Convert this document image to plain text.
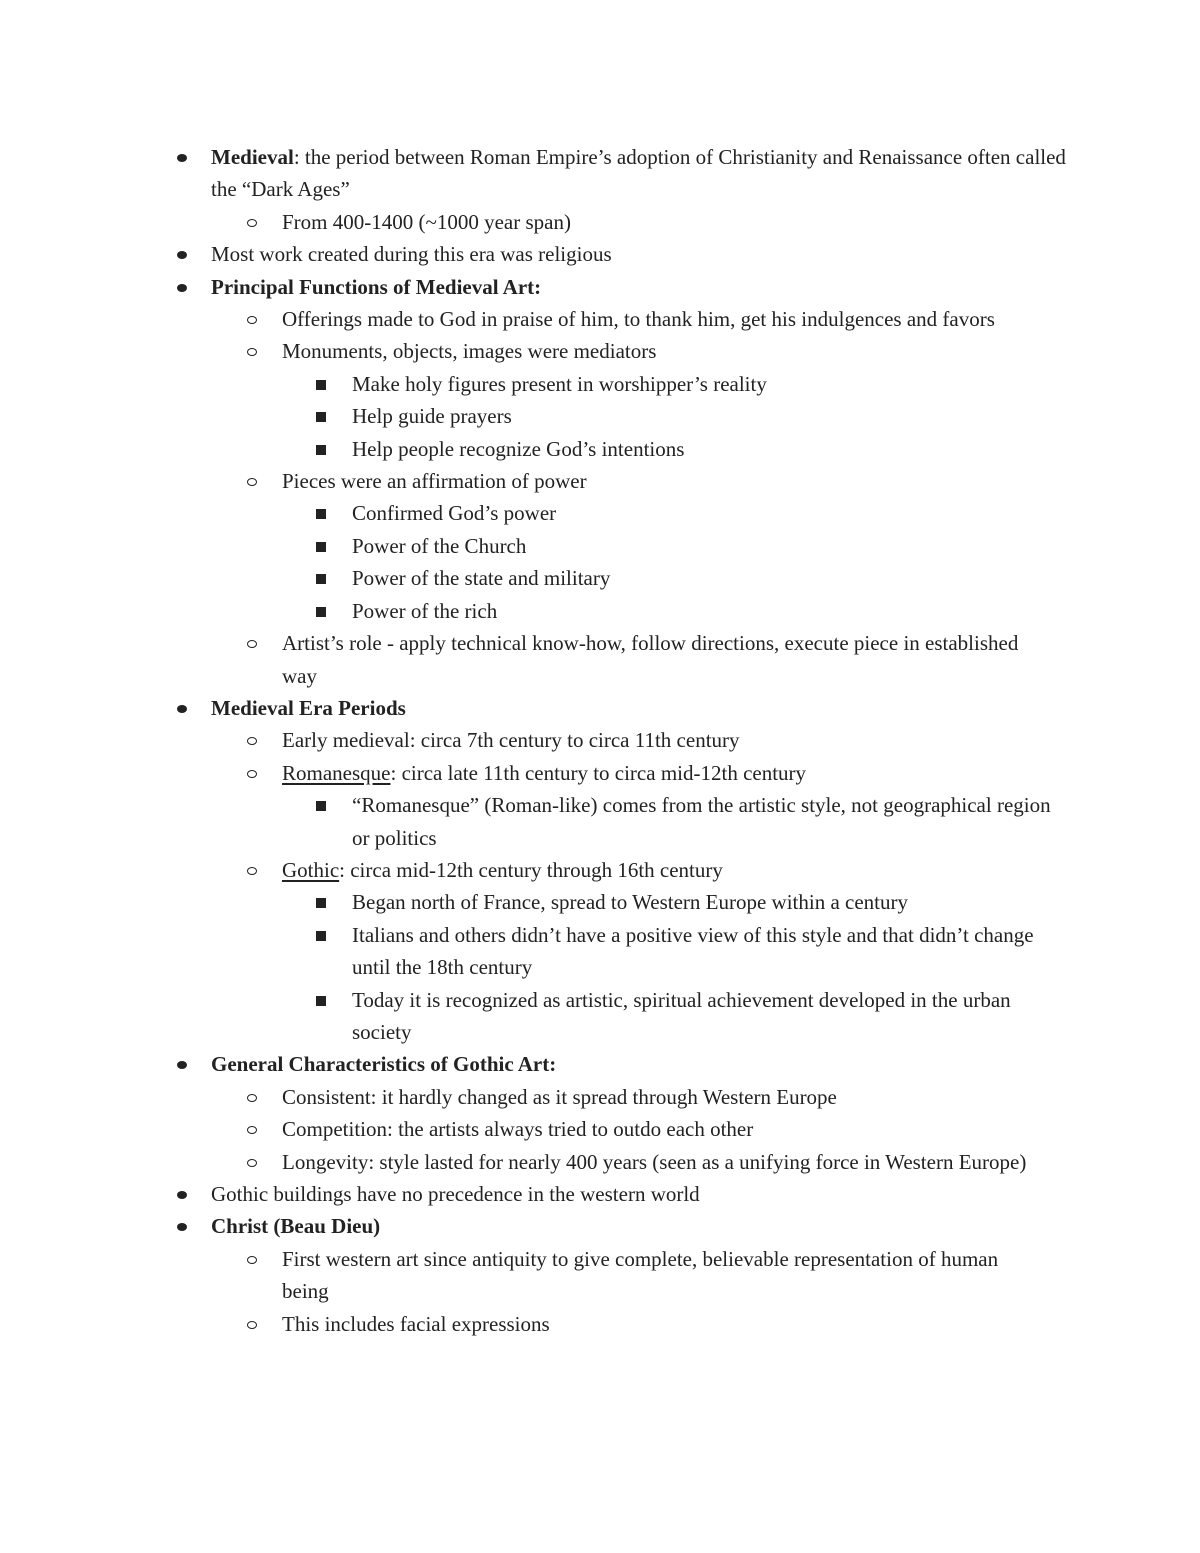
Medieval: the period between Roman Empire’s adoption of Christianity and Renaissance often called the “Dark Ages”
From 400-1400 (~1000 year span)
Most work created during this era was religious
Principal Functions of Medieval Art:
Offerings made to God in praise of him, to thank him, get his indulgences and favors
Monuments, objects, images were mediators
Make holy figures present in worshipper’s reality
Help guide prayers
Help people recognize God’s intentions
Pieces were an affirmation of power
Confirmed God’s power
Power of the Church
Power of the state and military
Power of the rich
Artist’s role - apply technical know-how, follow directions, execute piece in established way
Medieval Era Periods
Early medieval: circa 7th century to circa 11th century
Romanesque: circa late 11th century to circa mid-12th century
“Romanesque” (Roman-like) comes from the artistic style, not geographical region or politics
Gothic: circa mid-12th century through 16th century
Began north of France, spread to Western Europe within a century
Italians and others didn’t have a positive view of this style and that didn’t change until the 18th century
Today it is recognized as artistic, spiritual achievement developed in the urban society
General Characteristics of Gothic Art:
Consistent: it hardly changed as it spread through Western Europe
Competition: the artists always tried to outdo each other
Longevity: style lasted for nearly 400 years (seen as a unifying force in Western Europe)
Gothic buildings have no precedence in the western world
Christ (Beau Dieu)
First western art since antiquity to give complete, believable representation of human being
This includes facial expressions
